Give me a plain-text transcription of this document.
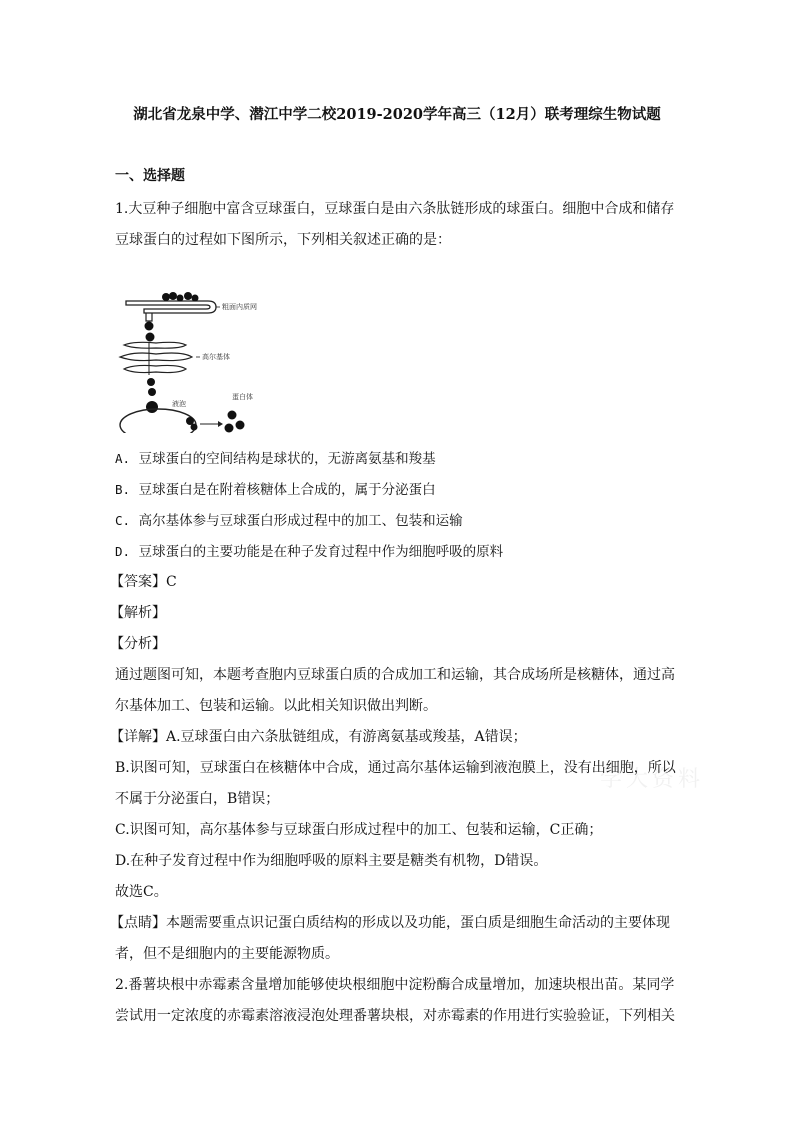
学大资料
湖北省龙泉中学、潜江中学二校2019-2020学年高三（12月）联考理综生物试题
一、选择题
1.大豆种子细胞中富含豆球蛋白，豆球蛋白是由六条肽链形成的球蛋白。细胞中合成和储存
豆球蛋白的过程如下图所示，下列相关叙述正确的是：
粗面内质网
高尔基体
液泡
蛋白体
A. 豆球蛋白的空间结构是球状的，无游离氨基和羧基
B. 豆球蛋白是在附着核糖体上合成的，属于分泌蛋白
C. 高尔基体参与豆球蛋白形成过程中的加工、包装和运输
D. 豆球蛋白的主要功能是在种子发育过程中作为细胞呼吸的原料
【答案】C
【解析】
【分析】
通过题图可知，本题考查胞内豆球蛋白质的合成加工和运输，其合成场所是核糖体，通过高
尔基体加工、包装和运输。以此相关知识做出判断。
【详解】A.豆球蛋白由六条肽链组成，有游离氨基或羧基，A错误；
B.识图可知，豆球蛋白在核糖体中合成，通过高尔基体运输到液泡膜上，没有出细胞，所以
不属于分泌蛋白，B错误；
C.识图可知，高尔基体参与豆球蛋白形成过程中的加工、包装和运输，C正确；
D.在种子发育过程中作为细胞呼吸的原料主要是糖类有机物，D错误。
故选C。
【点睛】本题需要重点识记蛋白质结构的形成以及功能，蛋白质是细胞生命活动的主要体现
者，但不是细胞内的主要能源物质。
2.番薯块根中赤霉素含量增加能够使块根细胞中淀粉酶合成量增加，加速块根出苗。某同学
尝试用一定浓度的赤霉素溶液浸泡处理番薯块根，对赤霉素的作用进行实验验证，下列相关
